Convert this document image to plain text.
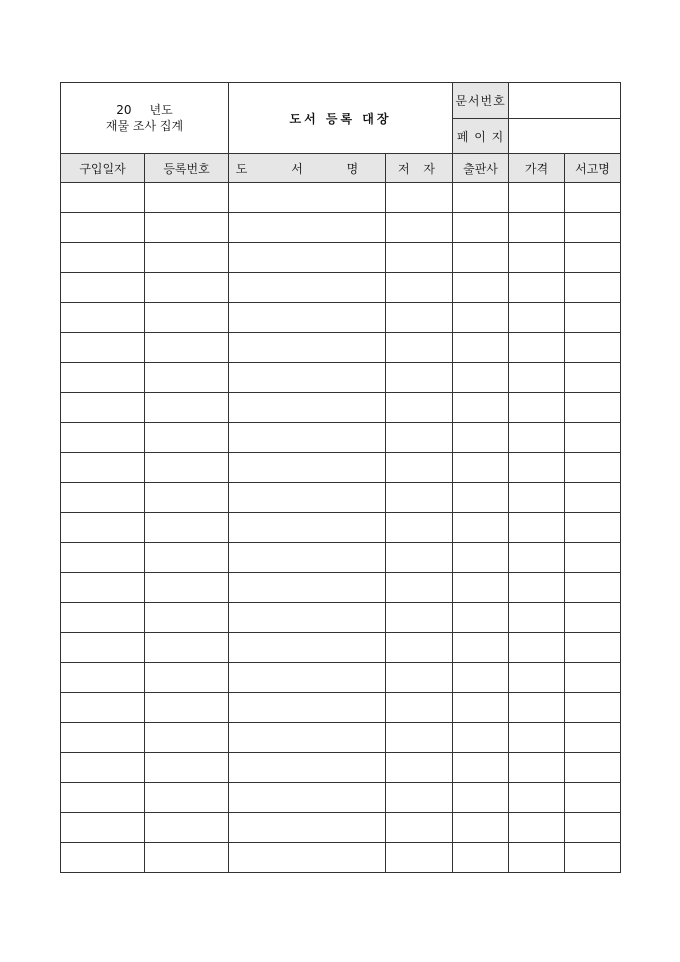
20 년도
재물 조사 집계		도서 등록 대장		문서번호		
				페 이 지		
구입일자	등록번호	도 서 명	저 자	출판사	가격	서고명
